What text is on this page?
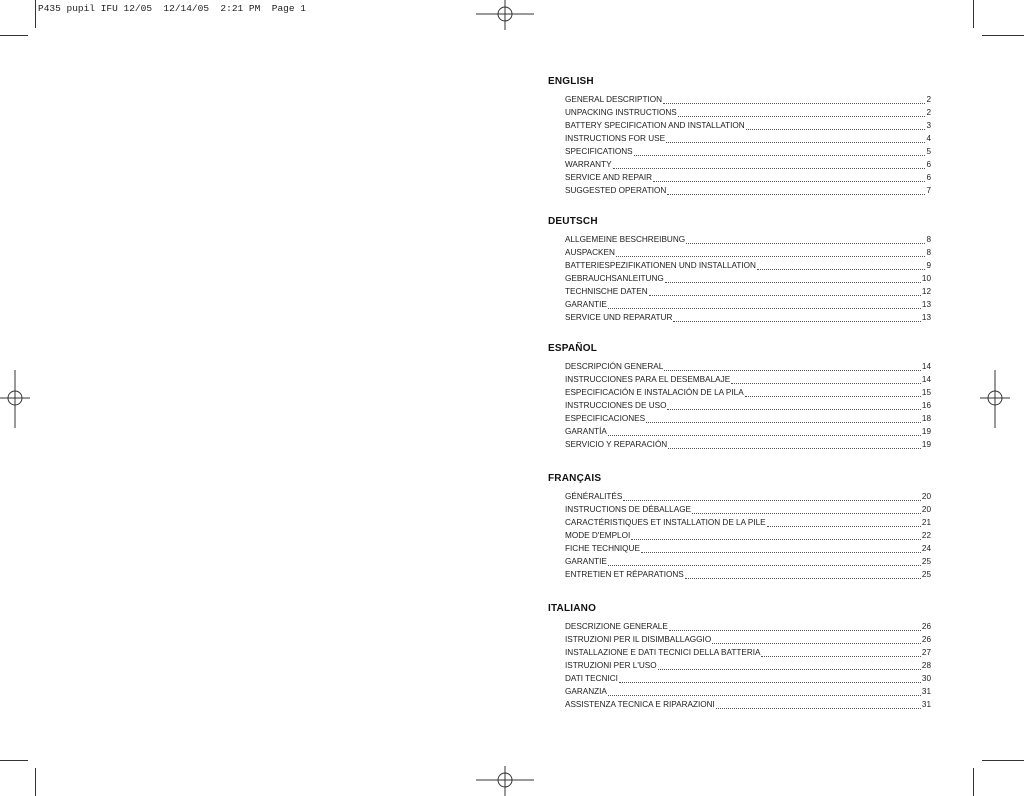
P435 pupil IFU 12/05  12/14/05  2:21 PM  Page 1
ENGLISH
GENERAL DESCRIPTION	2
UNPACKING INSTRUCTIONS	2
BATTERY SPECIFICATION AND INSTALLATION	3
INSTRUCTIONS FOR USE	4
SPECIFICATIONS	5
WARRANTY	6
SERVICE AND REPAIR	6
SUGGESTED OPERATION	7
DEUTSCH
ALLGEMEINE BESCHREIBUNG	8
AUSPACKEN	8
BATTERIESPEZIFIKATIONEN UND INSTALLATION	9
GEBRAUCHSANLEITUNG	10
TECHNISCHE DATEN	12
GARANTIE	13
SERVICE UND REPARATUR	13
ESPAÑOL
DESCRIPCIÓN GENERAL	14
INSTRUCCIONES PARA EL DESEMBALAJE	14
ESPECIFICACIÓN E INSTALACIÓN DE LA PILA	15
INSTRUCCIONES DE USO	16
ESPECIFICACIONES	18
GARANTÍA	19
SERVICIO Y REPARACIÓN	19
FRANÇAIS
GÉNÉRALITÉS	20
INSTRUCTIONS DE DÉBALLAGE	20
CARACTÉRISTIQUES ET INSTALLATION DE LA PILE	21
MODE D'EMPLOI	22
FICHE TECHNIQUE	24
GARANTIE	25
ENTRETIEN ET RÉPARATIONS	25
ITALIANO
DESCRIZIONE GENERALE	26
ISTRUZIONI PER IL DISIMBALLAGGIO	26
INSTALLAZIONE E DATI TECNICI DELLA BATTERIA	27
ISTRUZIONI PER L'USO	28
DATI TECNICI	30
GARANZIA	31
ASSISTENZA TECNICA E RIPARAZIONI	31
